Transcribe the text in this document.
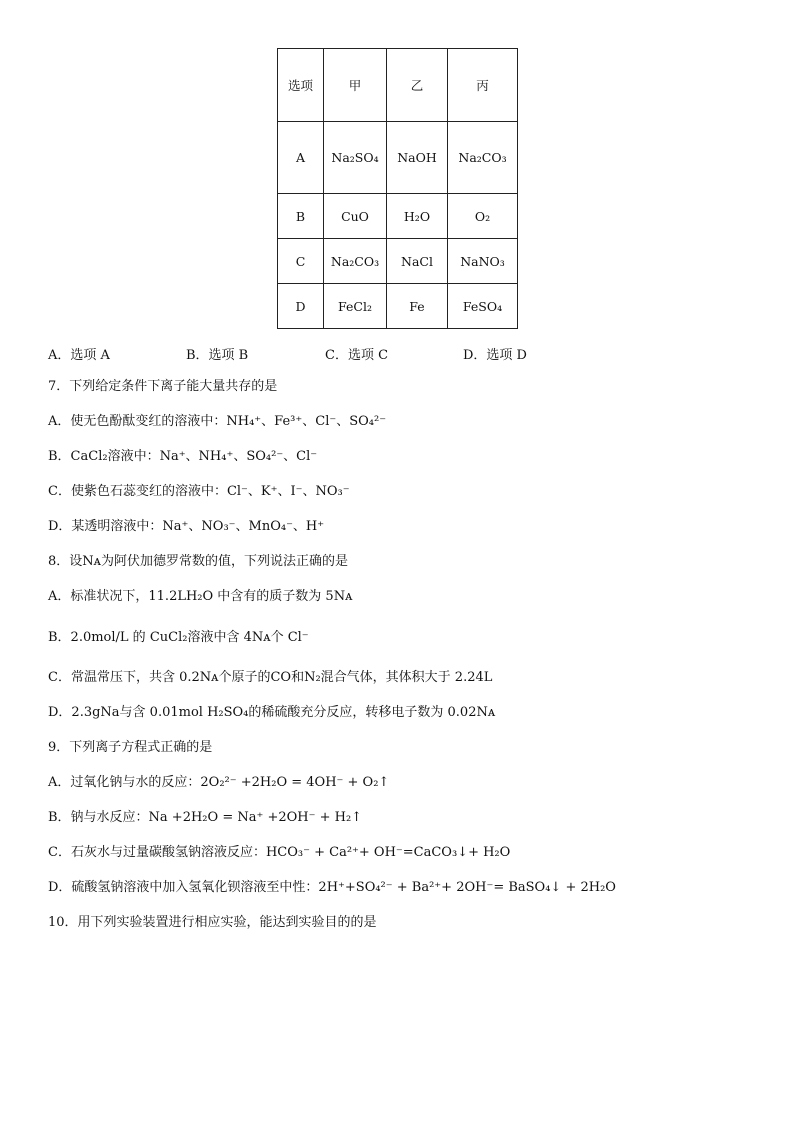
选项	甲	乙	丙
A	Na₂SO₄	NaOH	Na₂CO₃
B	CuO	H₂O	O₂
C	Na₂CO₃	NaCl	NaNO₃
D	FeCl₂	Fe	FeSO₄
A．选项 A	B．选项 B	C．选项 C	D．选项 D
7．下列给定条件下离子能大量共存的是
A．使无色酚酞变红的溶液中：NH₄⁺、Fe³⁺、Cl⁻、SO₄²⁻
B．CaCl₂溶液中：Na⁺、NH₄⁺、SO₄²⁻、Cl⁻
C．使紫色石蕊变红的溶液中：Cl⁻、K⁺、I⁻、NO₃⁻
D．某透明溶液中：Na⁺、NO₃⁻、MnO₄⁻、H⁺
8．设Nᴀ为阿伏加德罗常数的值，下列说法正确的是
A．标准状况下，11.2LH₂O 中含有的质子数为 5Nᴀ
B．2.0mol/L 的 CuCl₂溶液中含 4Nᴀ个 Cl⁻
C．常温常压下，共含 0.2Nᴀ个原子的CO和N₂混合气体，其体积大于 2.24L
D．2.3gNa与含 0.01mol H₂SO₄的稀硫酸充分反应，转移电子数为 0.02Nᴀ
9．下列离子方程式正确的是
A．过氧化钠与水的反应：2O₂²⁻ +2H₂O = 4OH⁻ + O₂↑
B．钠与水反应：Na +2H₂O = Na⁺ +2OH⁻ + H₂↑
C．石灰水与过量碳酸氢钠溶液反应：HCO₃⁻ + Ca²⁺+ OH⁻=CaCO₃↓+ H₂O
D．硫酸氢钠溶液中加入氢氧化钡溶液至中性：2H⁺+SO₄²⁻ + Ba²⁺+ 2OH⁻= BaSO₄↓ + 2H₂O
10．用下列实验装置进行相应实验，能达到实验目的的是
